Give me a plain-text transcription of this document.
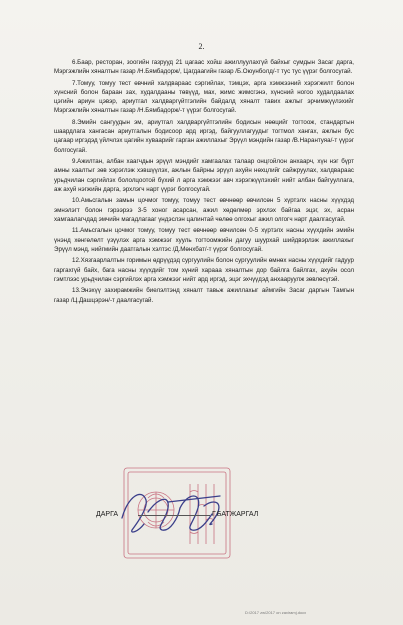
2.

6.Баар, ресторан, зоогийн газрууд 21 цагаас хойш ажиллуулахгүй байхыг сумдын Засаг дарга, Мэргэжлийн хяналтын газар /Н.Бямбадорж/, Цагдаагийн газар /Б.Оюунболд/-т тус тус үүрэг болгосугай.

7.Томуу, томуу тест өвчний халдварааc сэргийлах, тэмцэх, арга хэмжээний хэрэгжилт болон хүнсний болон бараан зах, худалдааны төвүүд, мах, жимс жимсгэнэ, хүнсний ногоо худалдаалах цэгийн ариун цэвэр, ариутгал халдваргүйтгэлийн байдалд хяналт тавих ажлыг эрчимжүүлэхийг Мэргэжлийн хяналтын газар /Н.Бямбадорж/-т үүрэг болгосугай.

8.Эмийн сангуудын эм, ариутгал халдваргүйтгэлийн бодисын нөөцийг тогтоож, стандартын шаардлага хангасан ариутгалын бодисоор ард иргэд, байгууллагуудыг тогтмол хангах, ажлын бус цагаар иргэдэд үйлчлэх цагийн хуваарийг гарган ажиллахыг Эрүүл мэндийн газар /В.Нарантуяа/-т үүрэг болгосугай.

9.Ажилтан, албан хаагчдын эрүүл мэндийг хамгаалах талаар онцгойлон анхаарч, хүн нэг бүрт амны хаалтыг зөв хэрэглэж хэвшүүлэх, ажлын байрны эрүүл ахуйн нөхцлийг сайжруулах, халдвараас урьдчилан сэргийлэх бололцоотой бүхий л арга хэмжээг авч хэрэгжүүлэхийг нийт албан байгууллага, аж ахуй нэгжийн дарга, эрхлэгч нарт үүрэг болгосугай.

10.Амьсгалын замын цочмог томуу, томуу тест өвчнөөр өвчилсөн 5 хүртэлх насны хүүхдэд эмнэлэгт болон гэрээрээ 3-5 хоног асарсан, ажил хөдөлмөр эрхлэх байгаа эцэг, эх, асран хамгаалагчдад эмчийн магадлагааг үндэслэн цалинтай чөлөө олгохыг ажил олгогч нарт даалгасугай.

11.Амьсгалын цочмог томуу, томуу тест өвчнөөр өвчилсөн 0-5 хүртэлх насны хүүхдийн эмийн үнэнд хөнгөлөлт үзүүлэх арга хэмжээг хууль тогтоомжийн дагуу шуурхай шийдвэрлэж ажиллахыг Эрүүл мэнд, нийгмийн даатгалын хэлтэс /Д.Мөнхбат/-т үүрэг болгосугай.

12.Хязгаарлалтын горимын өдрүүдэд сургуулийн болон сургуулийн өмнөх насны хүүхдийг гадуур гаргахгүй байх, бага насны хүүхдийг том хүний харааа хяналтын дор байлга байлгах, ахуйн осол гэмтлээс урьдчилан сэргийлэх арга хэмжээг нийт ард иргэд, эцэг эхчүүдэд анхааруулж зөвлөсүгэй.

13.Энэхүү захирамжийн биелэлтэнд хяналт тавьж ажиллахыг аймгийн Засаг даргын Тамгын газар /Ц.Дашцэрэн/-т даалгасугай.

ДАРГА	Г.БАТЖАРГАЛ
D:\2017 zw\2017 on zaxiramj.docx
